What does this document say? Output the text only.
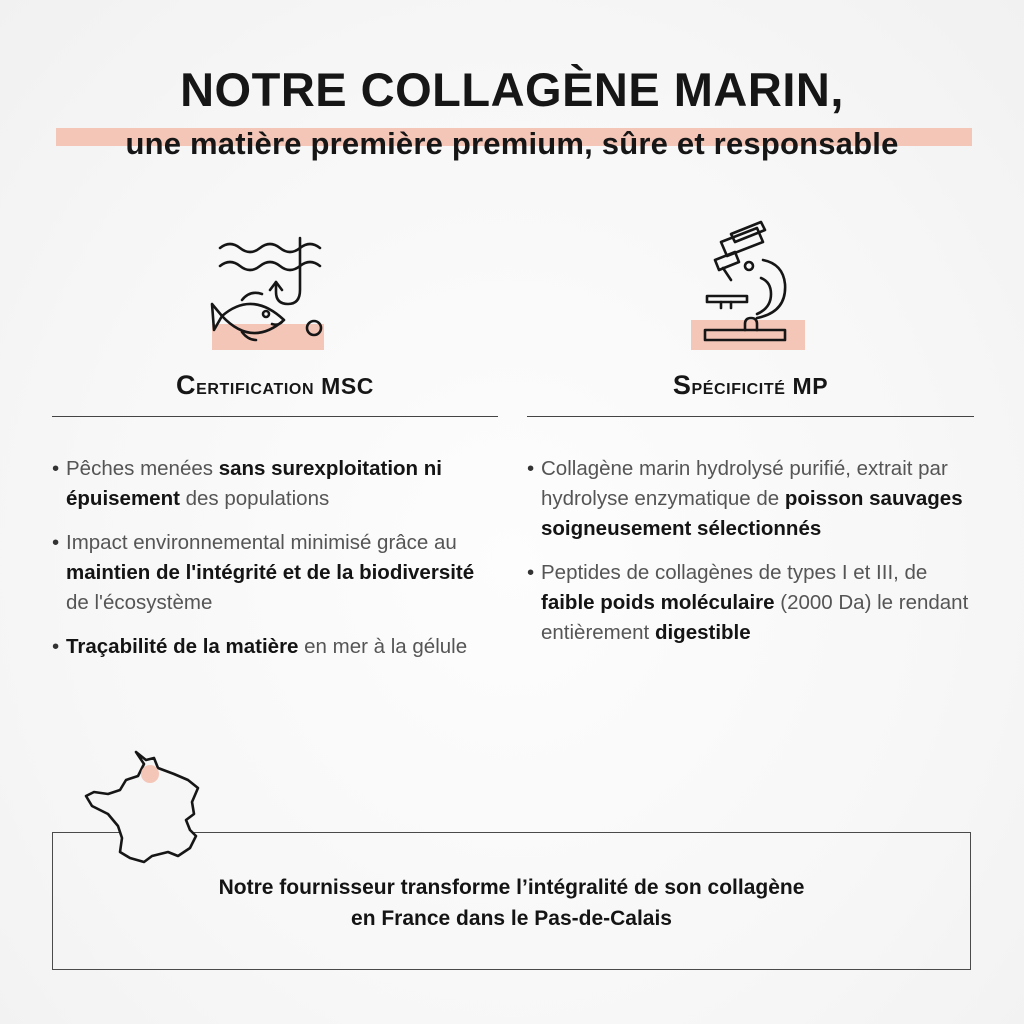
NOTRE COLLAGÈNE MARIN,

une matière première premium, sûre et responsable

Certification MSC
• Pêches menées sans surexploitation ni épuisement des populations
• Impact environnemental minimisé grâce au maintien de l'intégrité et de la biodiversité de l'écosystème
• Traçabilité de la matière en mer à la gélule
Spécificité MP
• Collagène marin hydrolysé purifié, extrait par hydrolyse enzymatique de poisson sauvages soigneusement sélectionnés
• Peptides de collagènes de types I et III, de faible poids moléculaire (2000 Da) le rendant entièrement digestible
Notre fournisseur transforme l’intégralité de son collagène
en France dans le Pas-de-Calais
